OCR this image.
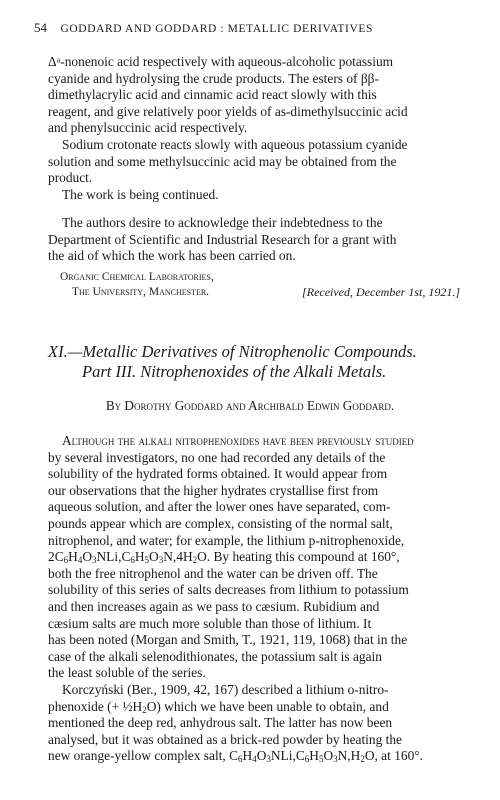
54 GODDARD AND GODDARD : METALLIC DERIVATIVES

Δᵃ-nonenoic acid respectively with aqueous-alcoholic potassium
cyanide and hydrolysing the crude products. The esters of ββ-
dimethylacrylic acid and cinnamic acid react slowly with this
reagent, and give relatively poor yields of as-dimethylsuccinic acid
and phenylsuccinic acid respectively.

Sodium crotonate reacts slowly with aqueous potassium cyanide
solution and some methylsuccinic acid may be obtained from the
product.

The work is being continued.

The authors desire to acknowledge their indebtedness to the
Department of Scientific and Industrial Research for a grant with
the aid of which the work has been carried on.

Organic Chemical Laboratories,
The University, Manchester.	[Received, December 1st, 1921.]
XI.—Metallic Derivatives of Nitrophenolic Compounds.
Part III. Nitrophenoxides of the Alkali Metals.
By Dorothy Goddard and Archibald Edwin Goddard.

Although the alkali nitrophenoxides have been previously studied
by several investigators, no one had recorded any details of the
solubility of the hydrated forms obtained. It would appear from
our observations that the higher hydrates crystallise first from
aqueous solution, and after the lower ones have separated, com-
pounds appear which are complex, consisting of the normal salt,
nitrophenol, and water; for example, the lithium p-nitrophenoxide,
$2C_6H_4O_3NLi,C_6H_5O_3N,4H_2O$. By heating this compound at 160°,
both the free nitrophenol and the water can be driven off. The
solubility of this series of salts decreases from lithium to potassium
and then increases again as we pass to cæsium. Rubidium and
cæsium salts are much more soluble than those of lithium. It
has been noted (Morgan and Smith, T., 1921, 119, 1068) that in the
case of the alkali selenodithionates, the potassium salt is again
the least soluble of the series.

Korczyński (Ber., 1909, 42, 167) described a lithium o-nitro-
phenoxide (+ $\frac{1}{2}H_2O$) which we have been unable to obtain, and
mentioned the deep red, anhydrous salt. The latter has now been
analysed, but it was obtained as a brick-red powder by heating the
new orange-yellow complex salt, $C_6H_4O_3NLi,C_6H_5O_3N,H_2O$, at 160°.
